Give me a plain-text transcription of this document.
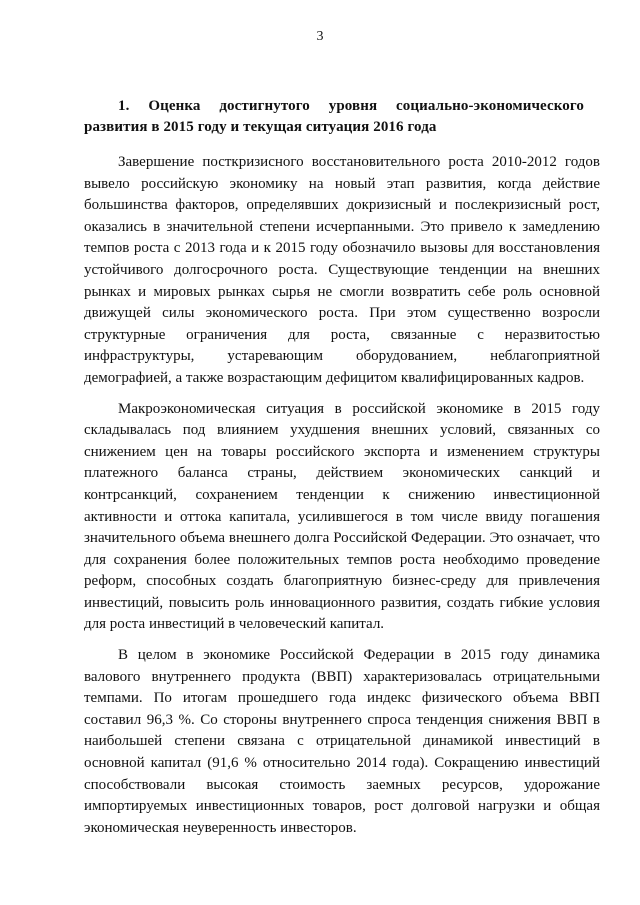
3
1. Оценка достигнутого уровня социально-экономического развития в 2015 году и текущая ситуация 2016 года

Завершение посткризисного восстановительного роста 2010-2012 годов вывело российскую экономику на новый этап развития, когда действие большинства факторов, определявших докризисный и послекризисный рост, оказались в значительной степени исчерпанными. Это привело к замедлению темпов роста с 2013 года и к 2015 году обозначило вызовы для восстановления устойчивого долгосрочного роста. Существующие тенденции на внешних рынках и мировых рынках сырья не смогли возвратить себе роль основной движущей силы экономического роста. При этом существенно возросли структурные ограничения для роста, связанные с неразвитостью инфраструктуры, устаревающим оборудованием, неблагоприятной демографией, а также возрастающим дефицитом квалифицированных кадров.

Макроэкономическая ситуация в российской экономике в 2015 году складывалась под влиянием ухудшения внешних условий, связанных со снижением цен на товары российского экспорта и изменением структуры платежного баланса страны, действием экономических санкций и контрсанкций, сохранением тенденции к снижению инвестиционной активности и оттока капитала, усилившегося в том числе ввиду погашения значительного объема внешнего долга Российской Федерации. Это означает, что для сохранения более положительных темпов роста необходимо проведение реформ, способных создать благоприятную бизнес-среду для привлечения инвестиций, повысить роль инновационного развития, создать гибкие условия для роста инвестиций в человеческий капитал.

В целом в экономике Российской Федерации в 2015 году динамика валового внутреннего продукта (ВВП) характеризовалась отрицательными темпами. По итогам прошедшего года индекс физического объема ВВП составил 96,3 %. Со стороны внутреннего спроса тенденция снижения ВВП в наибольшей степени связана с отрицательной динамикой инвестиций в основной капитал (91,6 % относительно 2014 года). Сокращению инвестиций способствовали высокая стоимость заемных ресурсов, удорожание импортируемых инвестиционных товаров, рост долговой нагрузки и общая экономическая неуверенность инвесторов.
